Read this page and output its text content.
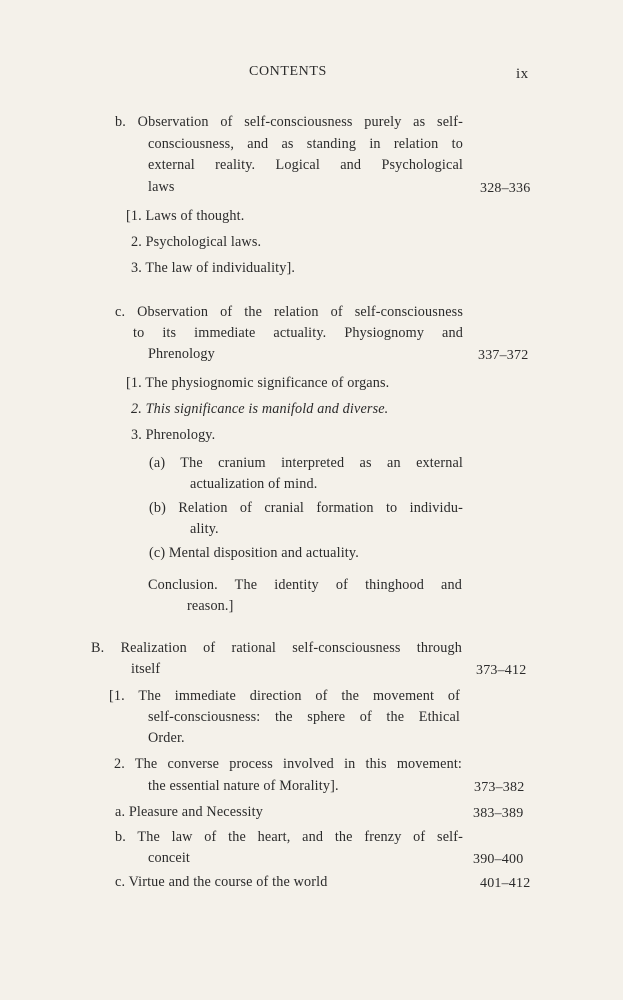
CONTENTS	ix
b. Observation of self-consciousness purely as self-
consciousness, and as standing in relation to
external reality. Logical and Psychological
laws	328–336
[1. Laws of thought.
2. Psychological laws.
3. The law of individuality].
c. Observation of the relation of self-consciousness
to its immediate actuality. Physiognomy and
Phrenology	337–372
[1. The physiognomic significance of organs.
2. This significance is manifold and diverse.
3. Phrenology.
(a) The cranium interpreted as an external
actualization of mind.
(b) Relation of cranial formation to individu-
ality.
(c) Mental disposition and actuality.
Conclusion. The identity of thinghood and
reason.]
B. Realization of rational self-consciousness through
itself	373–412
[1. The immediate direction of the movement of
self-consciousness: the sphere of the Ethical
Order.
2. The converse process involved in this movement:
the essential nature of Morality].	373–382
a. Pleasure and Necessity	383–389
b. The law of the heart, and the frenzy of self-
conceit	390–400
c. Virtue and the course of the world	401–412
